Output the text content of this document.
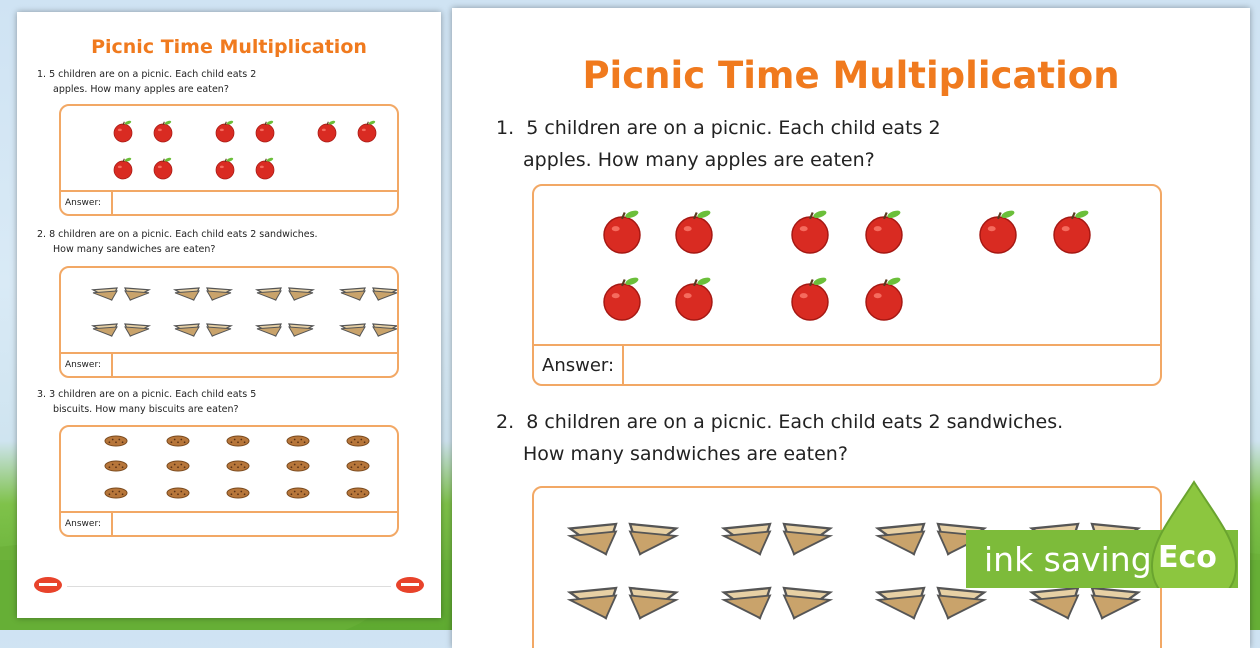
Picnic Time Multiplication
1. 5 children are on a picnic. Each child eats 2
apples. How many apples are eaten?
Answer:
2. 8 children are on a picnic. Each child eats 2 sandwiches.
How many sandwiches are eaten?
Answer:
3. 3 children are on a picnic. Each child eats 5
biscuits. How many biscuits are eaten?
Answer:
Picnic Time Multiplication
1. 5 children are on a picnic. Each child eats 2
apples. How many apples are eaten?
Answer:
2. 8 children are on a picnic. Each child eats 2 sandwiches.
How many sandwiches are eaten?
ink saving Eco
